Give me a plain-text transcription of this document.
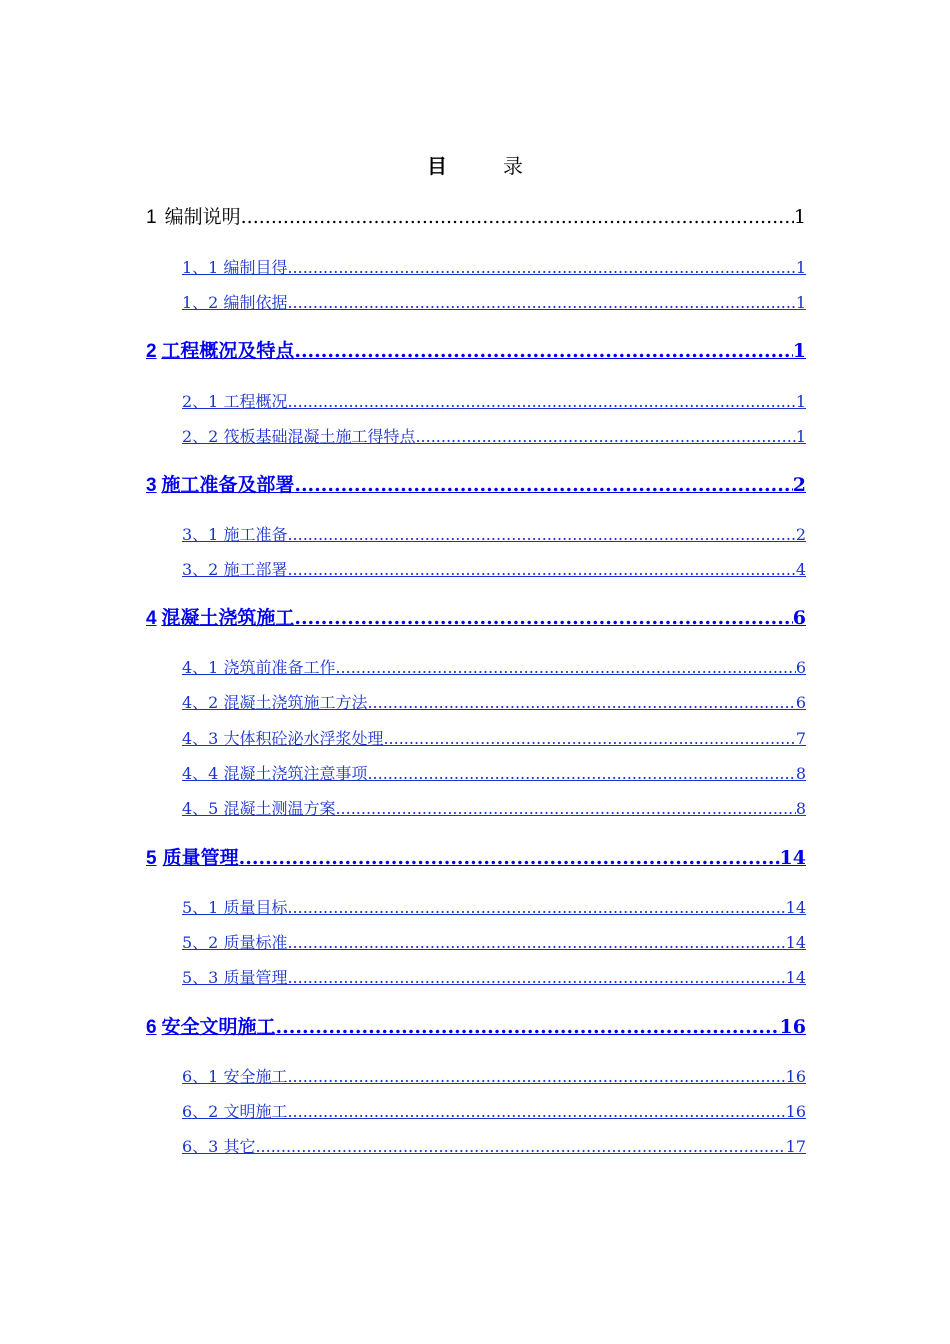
目	录
1 编制说明 .....	1
1、1 编制目得 .....	1
1、2 编制依据 .....	1
2 工程概况及特点 .....	1
2、1 工程概况 .....	1
2、2 筏板基础混凝土施工得特点 .....	1
3 施工准备及部署 .....	2
3、1 施工准备 .....	2
3、2 施工部署 .....	4
4 混凝土浇筑施工 .....	6
4、1 浇筑前准备工作 .....	6
4、2 混凝土浇筑施工方法 .....	6
4、3 大体积砼泌水浮浆处理 .....	7
4、4 混凝土浇筑注意事项 .....	8
4、5 混凝土测温方案 .....	8
5 质量管理 .....	14
5、1 质量目标 .....	14
5、2 质量标准 .....	14
5、3 质量管理 .....	14
6 安全文明施工 .....	16
6、1 安全施工 .....	16
6、2 文明施工 .....	16
6、3 其它 .....	17
